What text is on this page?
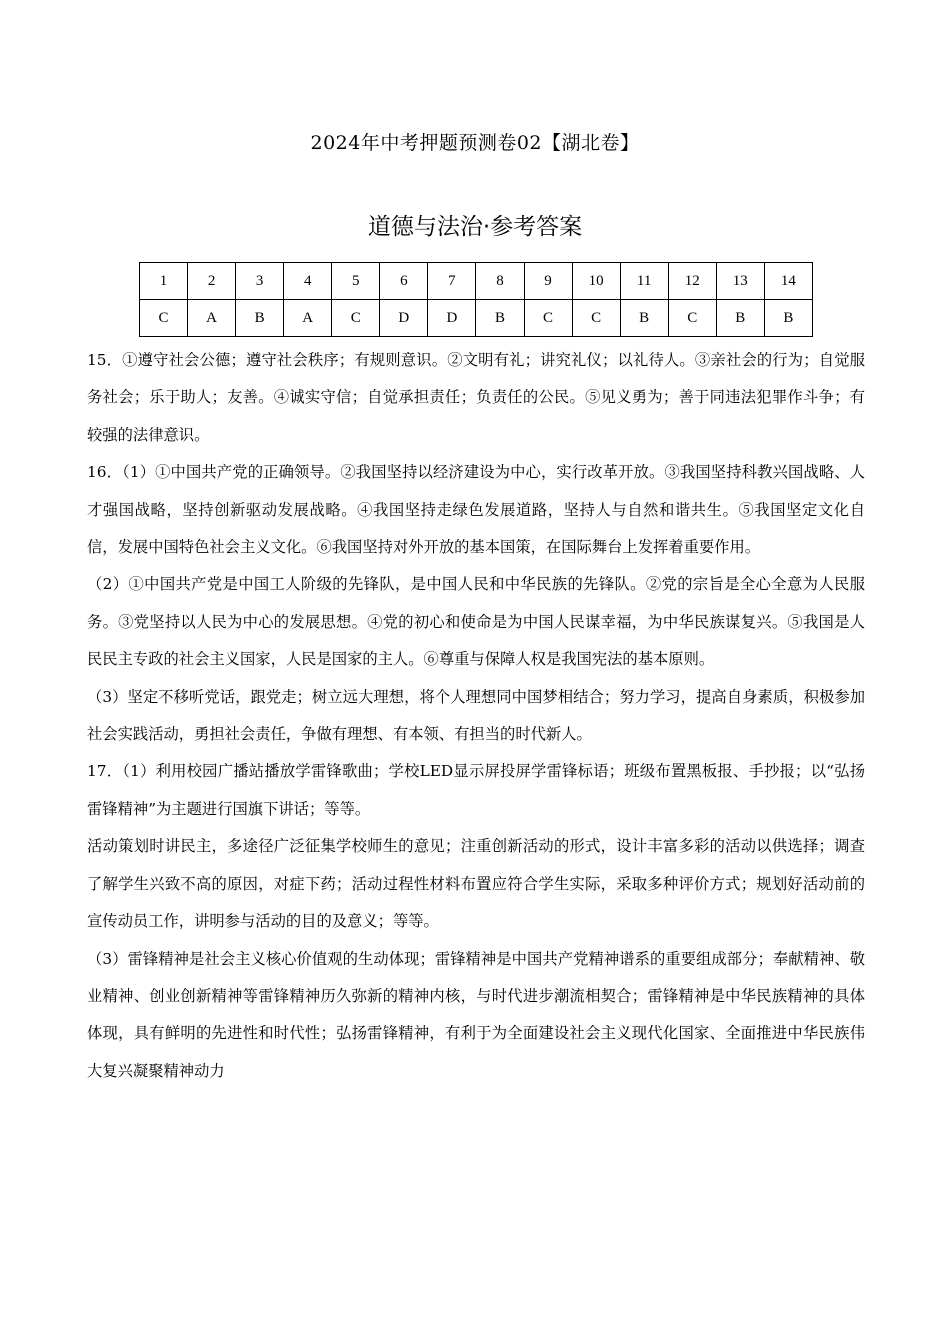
2024年中考押题预测卷02【湖北卷】
道德与法治·参考答案
1	2	3	4	5	6	7	8	9	10	11	12	13	14
C	A	B	A	C	D	D	B	C	C	B	C	B	B

15．①遵守社会公德；遵守社会秩序；有规则意识。②文明有礼；讲究礼仪；以礼待人。③亲社会的行为；自觉服务社会；乐于助人；友善。④诚实守信；自觉承担责任；负责任的公民。⑤见义勇为；善于同违法犯罪作斗争；有较强的法律意识。

16．（1）①中国共产党的正确领导。②我国坚持以经济建设为中心，实行改革开放。③我国坚持科教兴国战略、人才强国战略，坚持创新驱动发展战略。④我国坚持走绿色发展道路，坚持人与自然和谐共生。⑤我国坚定文化自信，发展中国特色社会主义文化。⑥我国坚持对外开放的基本国策，在国际舞台上发挥着重要作用。

（2）①中国共产党是中国工人阶级的先锋队，是中国人民和中华民族的先锋队。②党的宗旨是全心全意为人民服务。③党坚持以人民为中心的发展思想。④党的初心和使命是为中国人民谋幸福，为中华民族谋复兴。⑤我国是人民民主专政的社会主义国家，人民是国家的主人。⑥尊重与保障人权是我国宪法的基本原则。

（3）坚定不移听党话，跟党走；树立远大理想，将个人理想同中国梦相结合；努力学习，提高自身素质，积极参加社会实践活动，勇担社会责任，争做有理想、有本领、有担当的时代新人。

17．（1）利用校园广播站播放学雷锋歌曲；学校LED显示屏投屏学雷锋标语；班级布置黑板报、手抄报；以“弘扬雷锋精神”为主题进行国旗下讲话；等等。

活动策划时讲民主，多途径广泛征集学校师生的意见；注重创新活动的形式，设计丰富多彩的活动以供选择；调查了解学生兴致不高的原因，对症下药；活动过程性材料布置应符合学生实际，采取多种评价方式；规划好活动前的宣传动员工作，讲明参与活动的目的及意义；等等。

（3）雷锋精神是社会主义核心价值观的生动体现；雷锋精神是中国共产党精神谱系的重要组成部分；奉献精神、敬业精神、创业创新精神等雷锋精神历久弥新的精神内核，与时代进步潮流相契合；雷锋精神是中华民族精神的具体体现，具有鲜明的先进性和时代性；弘扬雷锋精神，有利于为全面建设社会主义现代化国家、全面推进中华民族伟大复兴凝聚精神动力
